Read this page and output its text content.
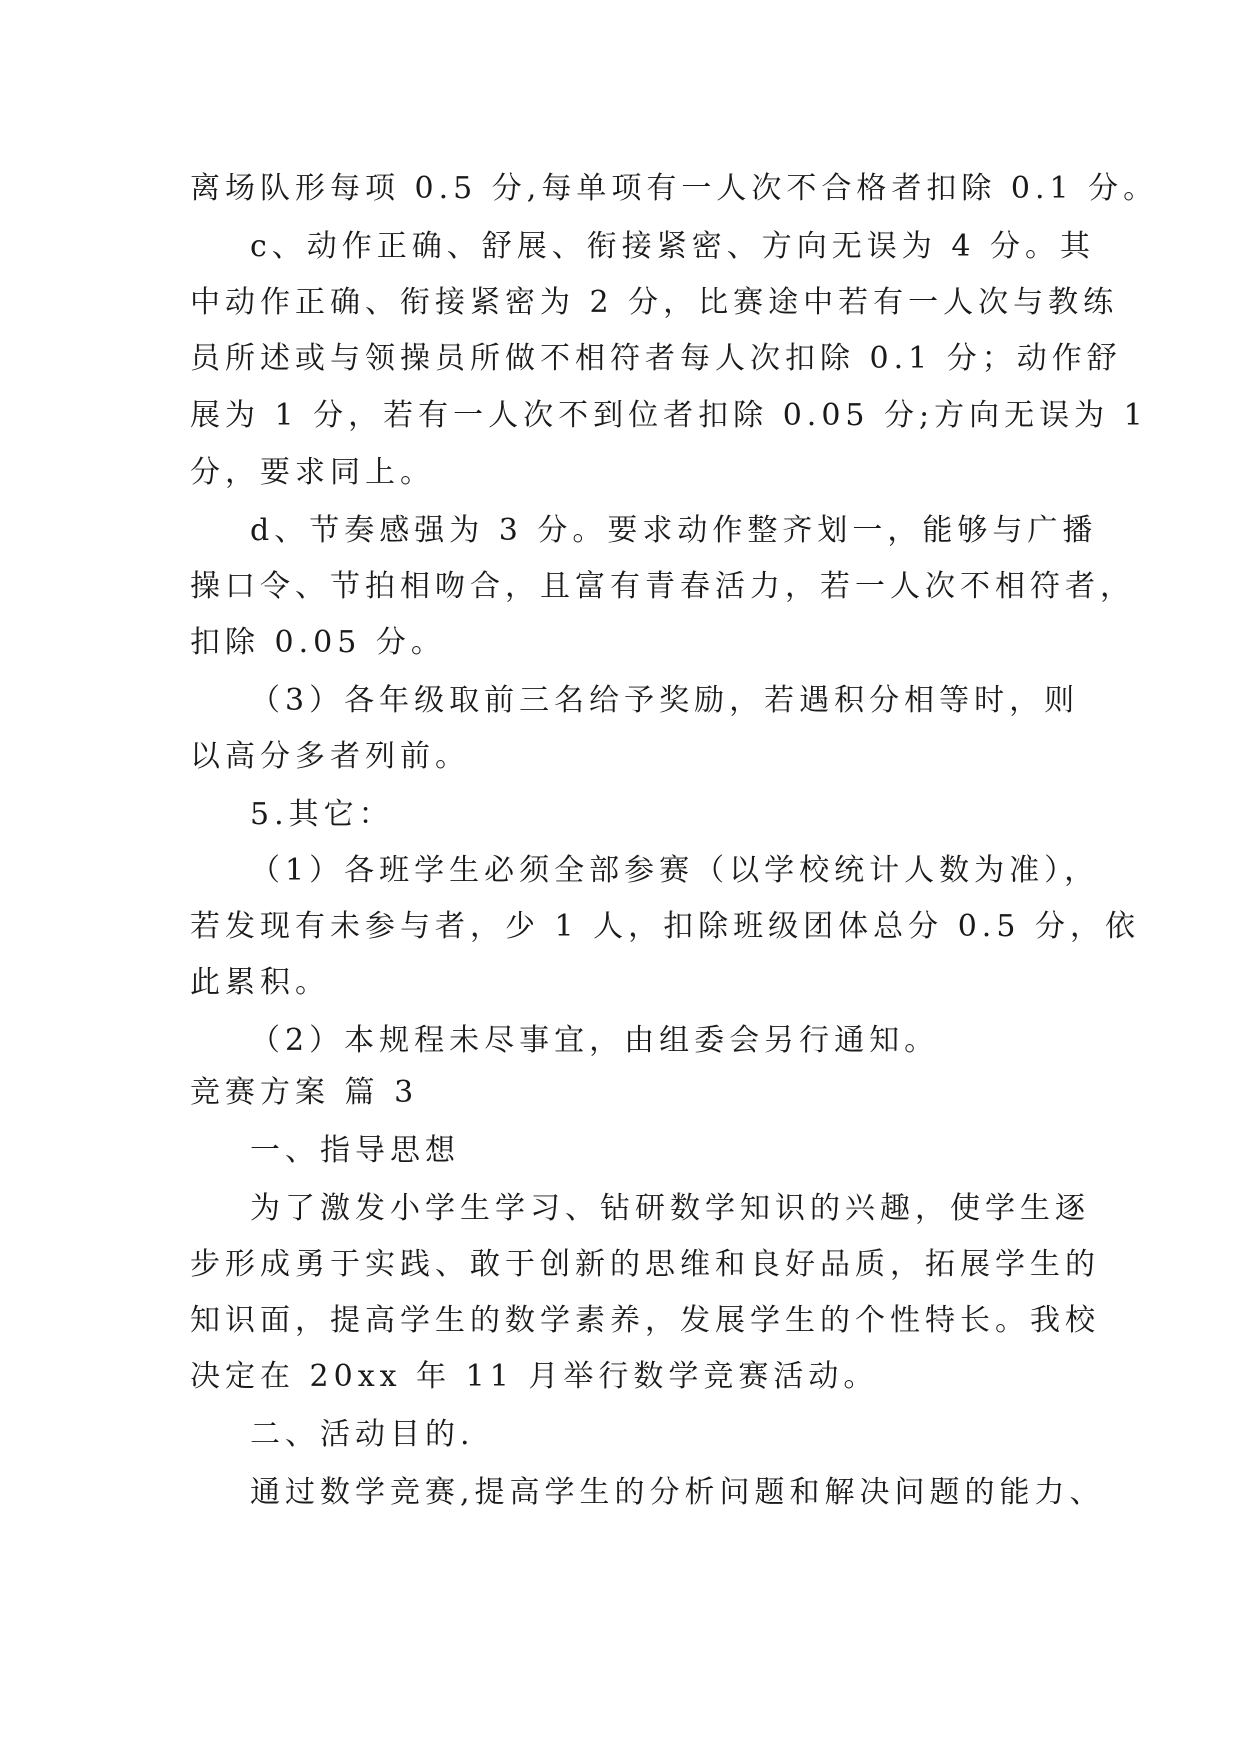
离场队形每项 0.5 分,每单项有一人次不合格者扣除 0.1 分。
c、动作正确、舒展、衔接紧密、方向无误为 4 分。其
中动作正确、衔接紧密为 2 分，比赛途中若有一人次与教练
员所述或与领操员所做不相符者每人次扣除 0.1 分；动作舒
展为 1 分，若有一人次不到位者扣除 0.05 分;方向无误为 1
分，要求同上。
d、节奏感强为 3 分。要求动作整齐划一，能够与广播
操口令、节拍相吻合，且富有青春活力，若一人次不相符者，
扣除 0.05 分。
（3）各年级取前三名给予奖励，若遇积分相等时，则
以高分多者列前。
5.其它：
（1）各班学生必须全部参赛（以学校统计人数为准），
若发现有未参与者，少 1 人，扣除班级团体总分 0.5 分，依
此累积。
（2）本规程未尽事宜，由组委会另行通知。
竞赛方案 篇 3
一、指导思想
为了激发小学生学习、钻研数学知识的兴趣，使学生逐
步形成勇于实践、敢于创新的思维和良好品质，拓展学生的
知识面，提高学生的数学素养，发展学生的个性特长。我校
决定在 20xx 年 11 月举行数学竞赛活动。
二、活动目的.
通过数学竞赛,提高学生的分析问题和解决问题的能力、
